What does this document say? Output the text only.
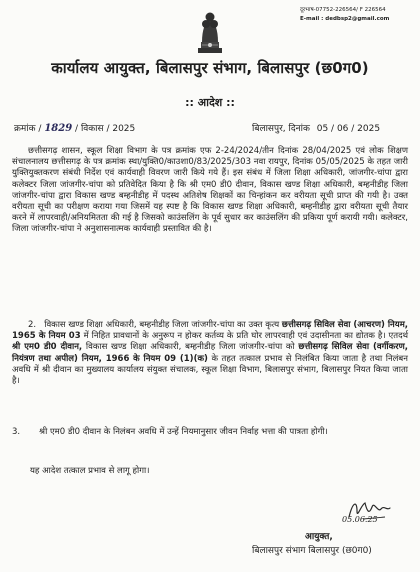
दूरभाष-07752-226564/ F 226564
E-mail : dedbsp2@gmail.com
कार्यालय आयुक्त, बिलासपुर संभाग, बिलासपुर (छ0ग0)
:: आदेश ::
क्रमांक / 1829 / विकास / 2025	बिलासपुर, दिनांक 05 / 06 / 2025
छत्तीसगढ़ शासन, स्कूल शिक्षा विभाग के पत्र क्रमांक एफ 2-24/2024/तीन दिनांक 28/04/2025 एवं लोक शिक्षण संचालनालय छत्तीसगढ़ के पत्र क्रमांक स्था/युक्ति0/काउशा0/83/2025/303 नवा रायपुर, दिनांक 05/05/2025 के तहत जारी युक्तियुक्तकरण संबंधी निर्देश एवं कार्यवाही विवरण जारी किये गये हैं। इस संबंध में जिला शिक्षा अधिकारी, जांजगीर-चांपा द्वारा कलेक्टर जिला जांजगीर-चांपा को प्रतिवेदित किया है कि श्री एम0 डी0 दीवान, विकास खण्ड शिक्षा अधिकारी, बम्हनीडीह जिला जांजगीर-चांपा द्वारा विकास खण्ड बम्हनीडीह में पदस्थ अतिशेष शिक्षकों का चिन्हांकन कर वरीयता सूची प्राप्त की गयी है। उक्त वरीयता सूची का परीक्षण कराया गया जिसमें यह स्पष्ट है कि विकास खण्ड शिक्षा अधिकारी, बम्हनीडीह द्वारा वरीयता सूची तैयार करने में लापरवाही/अनियमितता की गई है जिसको काउंसलिंग के पूर्व सुधार कर काउंसलिंग की प्रकिया पूर्ण करायी गयी। कलेक्टर, जिला जांजगीर-चांपा ने अनुशासनात्मक कार्यवाही प्रस्तावित की है।
2. विकास खण्ड शिक्षा अधिकारी, बम्हनीडीह जिला जांजगीर-चांपा का उक्त कृत्य छत्तीसगढ़ सिविल सेवा (आचरण) नियम, 1965 के नियम 03 में निहित प्रावधानों के अनुरूप न होकर कर्तव्य के प्रति घोर लापरवाही एवं उदासीनता का द्योतक है। एतदर्थ श्री एम0 डी0 दीवान, विकास खण्ड शिक्षा अधिकारी, बम्हनीडीह जिला जांजगीर-चांपा को छत्तीसगढ़ सिविल सेवा (वर्गीकरण, नियंत्रण तथा अपील) नियम, 1966 के नियम 09 (1)(क) के तहत तत्काल प्रभाव से निलंबित किया जाता है तथा निलंबन अवधि में श्री दीवान का मुख्यालय कार्यालय संयुक्त संचालक, स्कूल शिक्षा विभाग, बिलासपुर संभाग, बिलासपुर नियत किया जाता है।
3. श्री एम0 डी0 दीवान के निलंबन अवधि में उन्हें नियमानुसार जीवन निर्वाह भत्ता की पात्रता होगी।
यह आदेश तत्काल प्रभाव से लागू होगा।
05.06.25
आयुक्त,
बिलासपुर संभाग बिलासपुर (छ0ग0)
